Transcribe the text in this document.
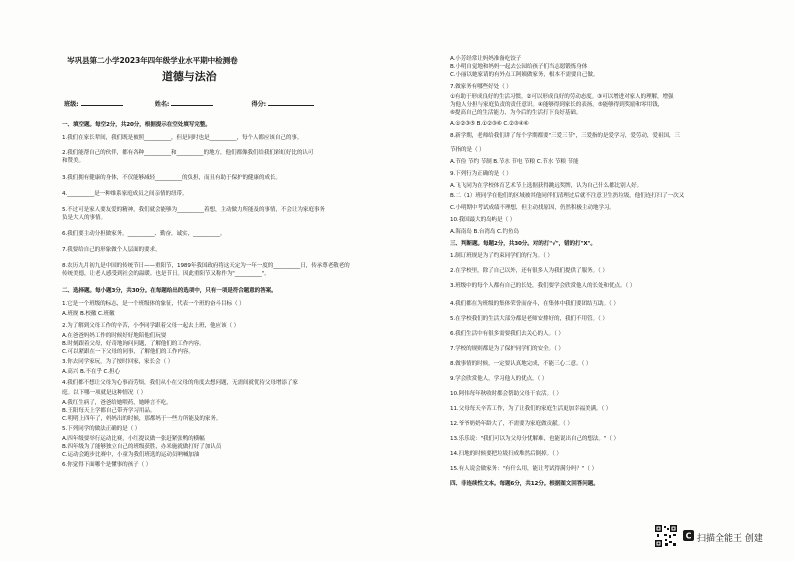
岑巩县第二小学2023年四年级学业水平期中检测卷
道德与法治
班级:	姓名:	得分:
一、填空题。每空2分，共20分，根据提示在空处填写完整。
1.我们在家长辈间，我们既是被照__________，但是同时也是__________，每个人都应该自己的事。
2.我们能帮自己的伙伴，都有各种__________和__________的地方，他们都像我们给我们彩虹好比的认可
和赞美。
3.我们拥有健康的身体，不仅能够减轻__________的负担，而且有助于保护的健康的成长。
4.__________是一种维系家庭成员之间亲情的纽带。
5.不过可是家人要友爱的精神，我们就会能够为__________着想，主动做力所能及的事情，不会让为家庭事务
负是大人的事情。
6.我们要主动分担做家务。__________、勤奋，诚实，__________。
7.我要给自己的形象做个人层面的要求。
8.农历九月初九是中国的传统节日——重阳节，1989年我国政府将这天定为一年一度的__________日，传承尊老敬老的
传统美德，让老人感受到社会的温暖。也是节日。因此重阳节又称作为"__________"。
二、选择题。每小题3分，共30分。在每题给出的选项中，只有一项是符合题意的答案。
1.它是一个班级的标志，是一个班级体的象征，代表一个班的奋斗目标（ ）
A.班规 B.校徽 C.班徽
2.为了解到父母工作的辛苦，小李同学跟着父母一起去上班，他应该（ ）
A.在爸爸妈妈工作的时候好好地陪他们玩耍
B.时刻跟着父母，好奇地询问问题，了解他们的工作内容。
C.可以紧跟在一下父母的同事，了解他们的工作内容。
3.你去同学家玩，为了按时回家，家长会（ ）
A.高兴 B.不在乎 C.担心
4.我们都不想让父母为心事而劳烦，我们从小在父母的角度去想问题，无需间就优待父母增添了家
庭。以下哪一项就是这种情况（ ）
A.我红生病了，爸爸给她喂药，她睡言不吃。
B.王阳每天上学都自己带齐学习用品。
C.明明上四年了，妈妈出的时候，那都妈于一些力所能及的家务。
5.下列同学的做法正确的是（ ）
A.四年级要举行运动比赛，小红提议做一张赶紧张鸭的横幅
B.四年级为了能够独立自己的班级获胜，办米施就做打好了加认员
C.运动会跑步比赛中，小童为我们班选的运动员呐喊加油
6.你觉得下面哪个是懂事的孩子（ ）
A.小芳经常让妈妈准备吃饺子
B.小明自觉地和妈妈一起去公园给孩子们当志愿锻炼身体
C.小丽以她家请的有外点工阿姨做家务，根本不需要自己做。
7.做家务有哪些好处（ ）
①有助于形成良好的生活习惯。②可以形成良好的劳动态度。③可以增进对家人的理解，增强
为他人分担与家庭负责的责任意识。④能够得到家长的表扬。⑤能够得到奖励和零用钱，
⑥提高自己的生活能力，为今后的生活打下良好基础。
A.①②③⑤ B.①②③⑥ C.②③④⑥
8.新学期，老师给我们讲了每个学期都要"三爱三节"，三爱指的是爱学习，爱劳动，爱祖国，三
节指的是（ ）
A.节俭 节约 节制 B.节水 节电 节粮 C.节水 节粮 节能
9.下列行为正确的是（ ）
A.飞飞同为在学校体育艺术节上选据获得跳远奖牌，认为自己什么都比别人好。
B.二（1）班同学在他们的区域被其他同伴们清理过后就不注意卫生扔垃圾，他们连打扫了一次又
C.小明期中考试成绩不理想，但主动找原因，仍然积极主动地学习。
10.我国最大的岛屿是（ ）
A.海南岛 B.台湾岛 C.钓鱼岛
三、判断题。每题2分，共30分。对的打"√"，错的打"X"。
1.制订班规是为了约束同学们的行为。（ ）
2.在学校里，除了自己以外，还有很多人为我们提供了服务。（ ）
3.班级中的每个人都有自己的长处，我们要学会欣赏他人的长处和优点。（ ）
4.我们都在为班级的集体荣誉而奋斗，在集体中我们要团结互助。（ ）
5.在学校我们的生活大部分都是老师安排好的，我们不用管。（ ）
6.我们生活中有很多需要我们去关心的人。（ ）
7.学校的规则都是为了保护同学们的安全。（ ）
8.做事情的时候，一定要认真地完成，不能三心二意。（ ）
9.学会欣赏他人，学习他人的优点。（ ）
10.阿伟每年秋收时都会帮助父母干农活。（ ）
11.父母每天辛苦工作，为了让我们的家庭生活更加幸福美满。（ ）
12.爷爷奶奶年龄大了，不需要为家庭做贡献。（ ）
13.乐乐说："我们可以为父母分忧解难，也能说出自己的想法。"（ ）
14.扫地的时候要把垃圾扫成堆然后倒掉。（ ）
15.有人说会做家务："有什么用，能让考试得满分吗？"（ ）
四、非连续性文本。每题6分，共12分。根据图文回答问题。
C 扫描全能王 创建
